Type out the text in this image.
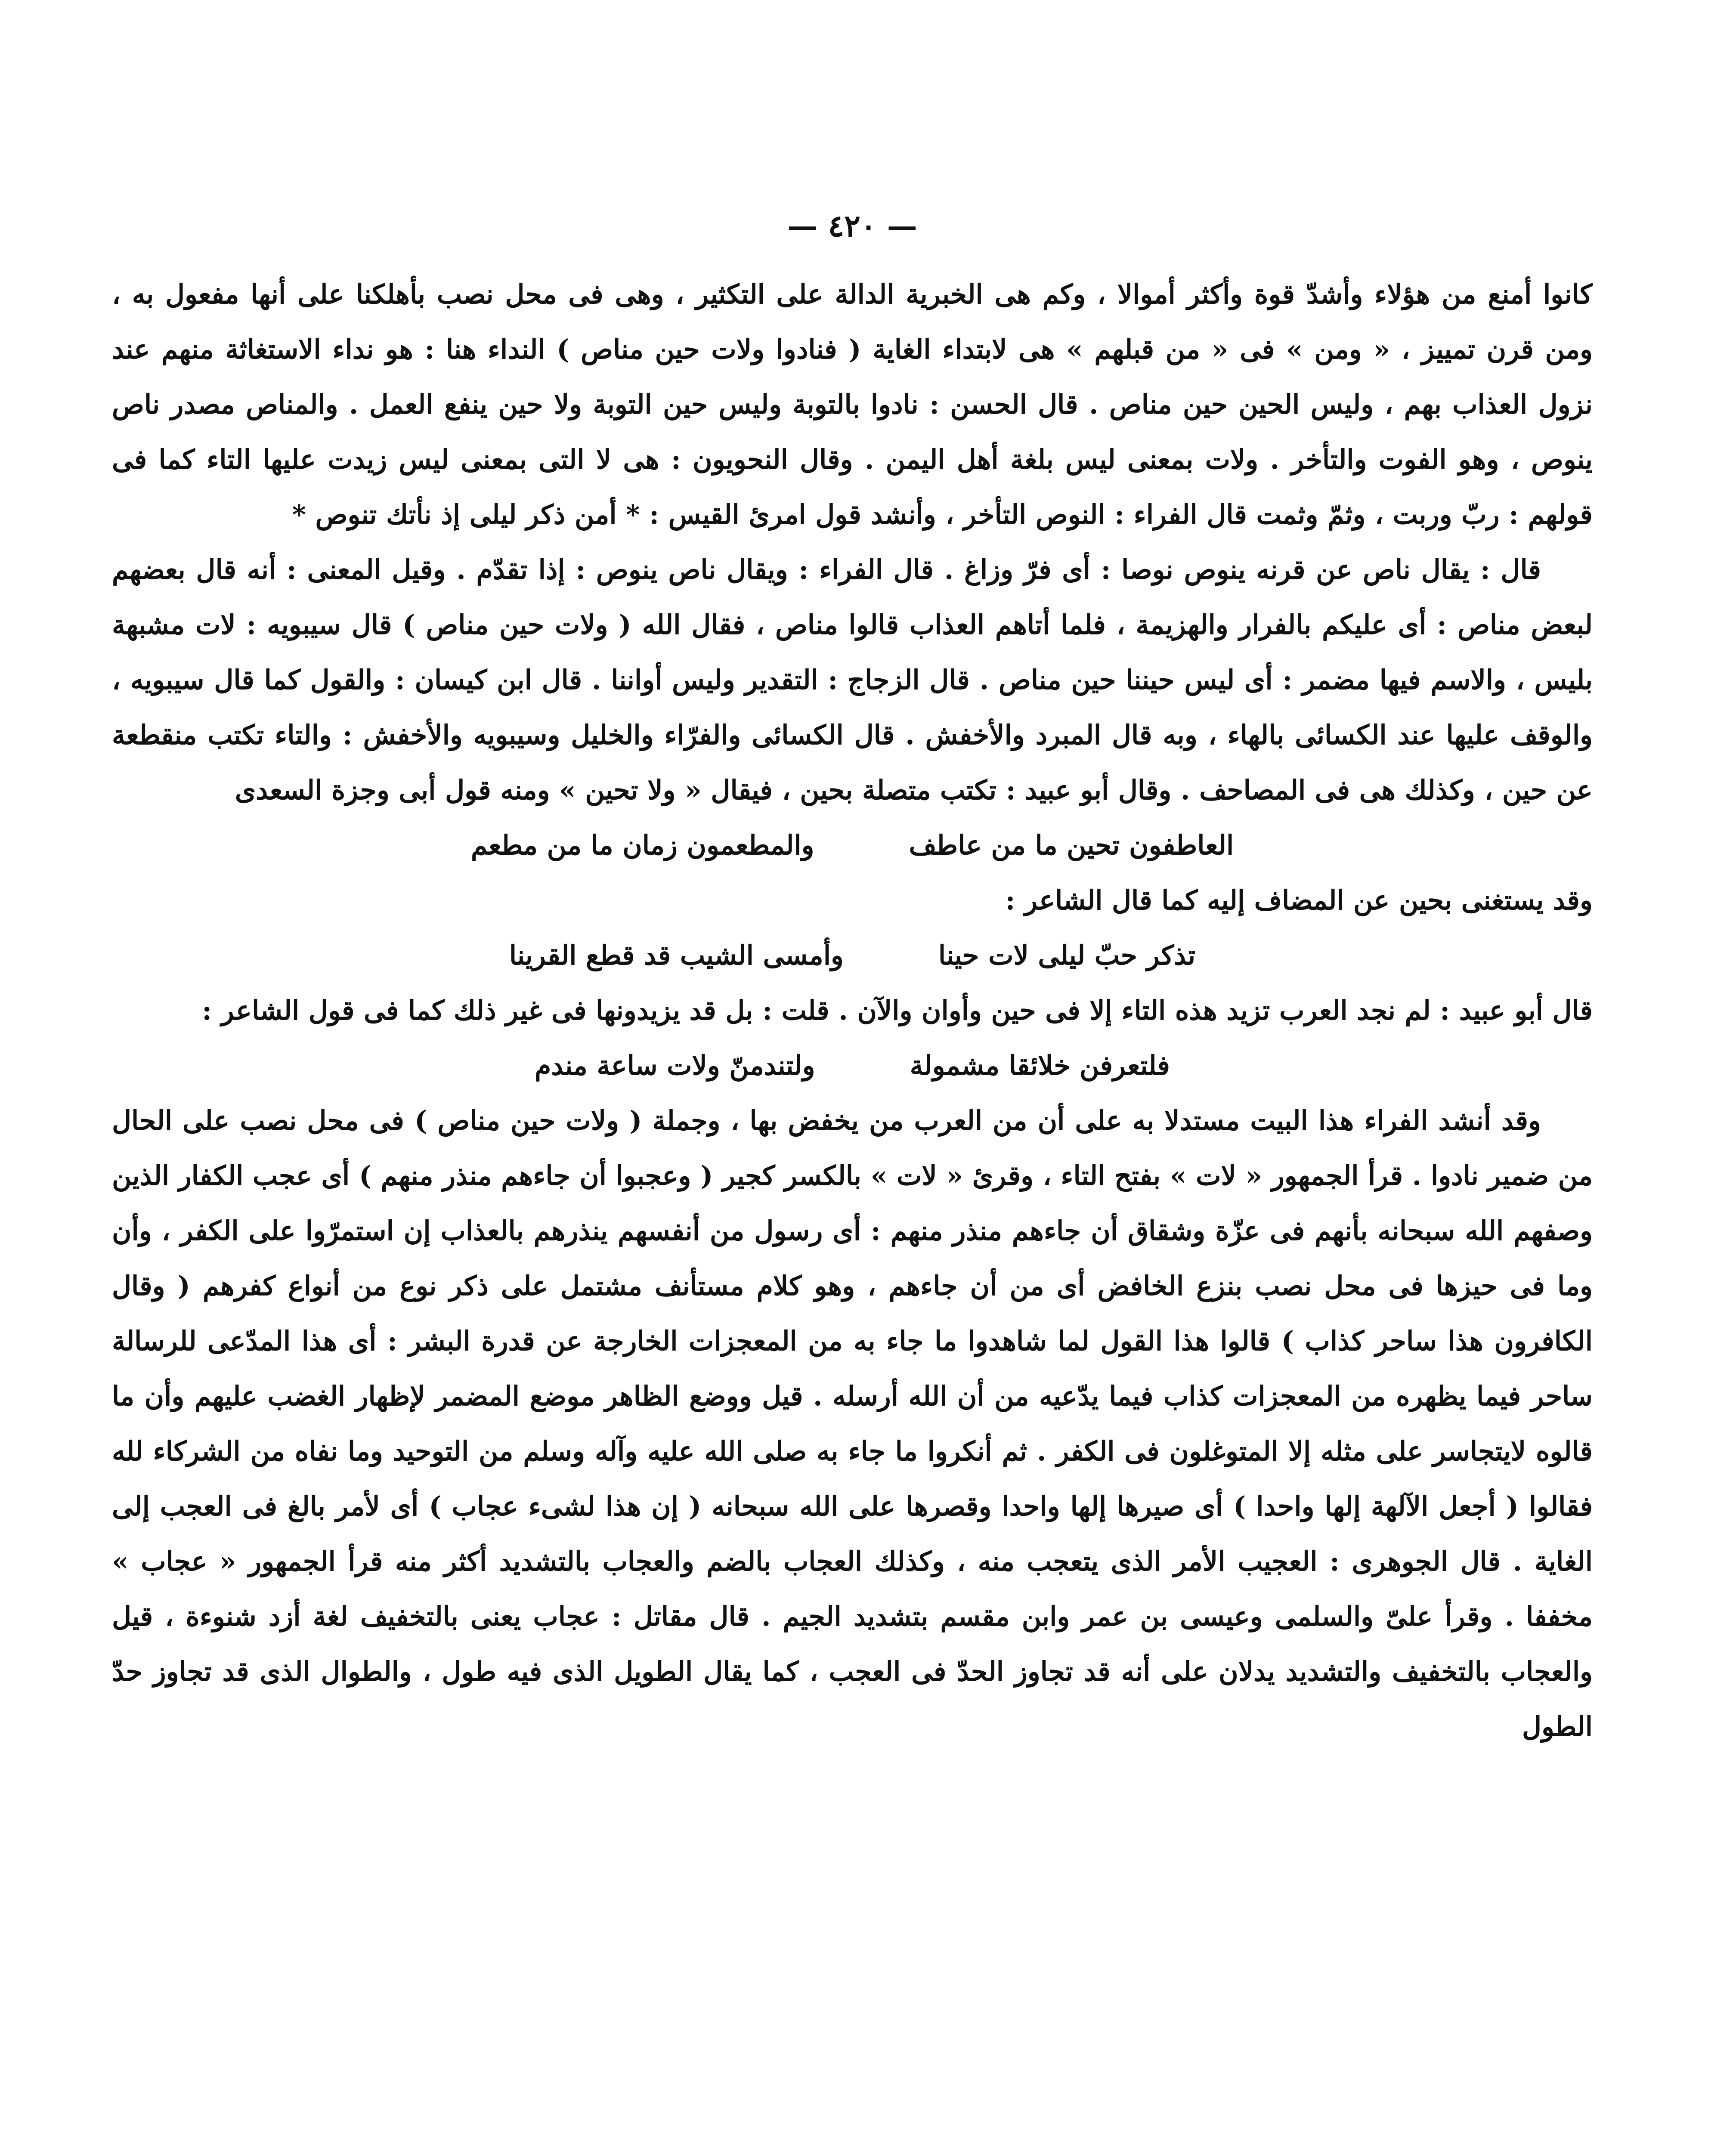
— ٤٢٠ —

كانوا أمنع من هؤلاء وأشدّ قوة وأكثر أموالا ، وكم هى الخبرية الدالة على التكثير ، وهى فى محل نصب بأهلكنا على أنها مفعول به ، ومن قرن تمييز ، « ومن » فى « من قبلهم » هى لابتداء الغاية ( فنادوا ولات حين مناص ) النداء هنا : هو نداء الاستغاثة منهم عند نزول العذاب بهم ، وليس الحين حين مناص . قال الحسن : نادوا بالتوبة وليس حين التوبة ولا حين ينفع العمل . والمناص مصدر ناص ينوص ، وهو الفوت والتأخر . ولات بمعنى ليس بلغة أهل اليمن . وقال النحويون : هى لا التى بمعنى ليس زيدت عليها التاء كما فى قولهم : ربّ وربت ، وثمّ وثمت قال الفراء : النوص التأخر ، وأنشد قول امرئ القيس : * أمن ذكر ليلى إذ نأتك تنوص *

قال : يقال ناص عن قرنه ينوص نوصا : أى فرّ وزاغ . قال الفراء : ويقال ناص ينوص : إذا تقدّم . وقيل المعنى : أنه قال بعضهم لبعض مناص : أى عليكم بالفرار والهزيمة ، فلما أتاهم العذاب قالوا مناص ، فقال الله ( ولات حين مناص ) قال سيبويه : لات مشبهة بليس ، والاسم فيها مضمر : أى ليس حيننا حين مناص . قال الزجاج : التقدير وليس أواننا . قال ابن كيسان : والقول كما قال سيبويه ، والوقف عليها عند الكسائى بالهاء ، وبه قال المبرد والأخفش . قال الكسائى والفرّاء والخليل وسيبويه والأخفش : والتاء تكتب منقطعة عن حين ، وكذلك هى فى المصاحف . وقال أبو عبيد : تكتب متصلة بحين ، فيقال « ولا تحين » ومنه قول أبى وجزة السعدى

العاطفون تحين ما من عاطف
والمطعمون زمان ما من مطعم

وقد يستغنى بحين عن المضاف إليه كما قال الشاعر :

تذكر حبّ ليلى لات حينا
وأمسى الشيب قد قطع القرينا

قال أبو عبيد : لم نجد العرب تزيد هذه التاء إلا فى حين وأوان والآن . قلت : بل قد يزيدونها فى غير ذلك كما فى قول الشاعر :

فلتعرفن خلائقا مشمولة
ولتندمنّ ولات ساعة مندم

وقد أنشد الفراء هذا البيت مستدلا به على أن من العرب من يخفض بها ، وجملة ( ولات حين مناص ) فى محل نصب على الحال من ضمير نادوا . قرأ الجمهور « لات » بفتح التاء ، وقرئ « لات » بالكسر كجير ( وعجبوا أن جاءهم منذر منهم ) أى عجب الكفار الذين وصفهم الله سبحانه بأنهم فى عزّة وشقاق أن جاءهم منذر منهم : أى رسول من أنفسهم ينذرهم بالعذاب إن استمرّوا على الكفر ، وأن وما فى حيزها فى محل نصب بنزع الخافض أى من أن جاءهم ، وهو كلام مستأنف مشتمل على ذكر نوع من أنواع كفرهم ( وقال الكافرون هذا ساحر كذاب ) قالوا هذا القول لما شاهدوا ما جاء به من المعجزات الخارجة عن قدرة البشر : أى هذا المدّعى للرسالة ساحر فيما يظهره من المعجزات كذاب فيما يدّعيه من أن الله أرسله . قيل ووضع الظاهر موضع المضمر لإظهار الغضب عليهم وأن ما قالوه لايتجاسر على مثله إلا المتوغلون فى الكفر . ثم أنكروا ما جاء به صلى الله عليه وآله وسلم من التوحيد وما نفاه من الشركاء لله فقالوا ( أجعل الآلهة إلها واحدا ) أى صيرها إلها واحدا وقصرها على الله سبحانه ( إن هذا لشىء عجاب ) أى لأمر بالغ فى العجب إلى الغاية . قال الجوهرى : العجيب الأمر الذى يتعجب منه ، وكذلك العجاب بالضم والعجاب بالتشديد أكثر منه قرأ الجمهور « عجاب » مخففا . وقرأ علىّ والسلمى وعيسى بن عمر وابن مقسم بتشديد الجيم . قال مقاتل : عجاب يعنى بالتخفيف لغة أزد شنوءة ، قيل والعجاب بالتخفيف والتشديد يدلان على أنه قد تجاوز الحدّ فى العجب ، كما يقال الطويل الذى فيه طول ، والطوال الذى قد تجاوز حدّ الطول
